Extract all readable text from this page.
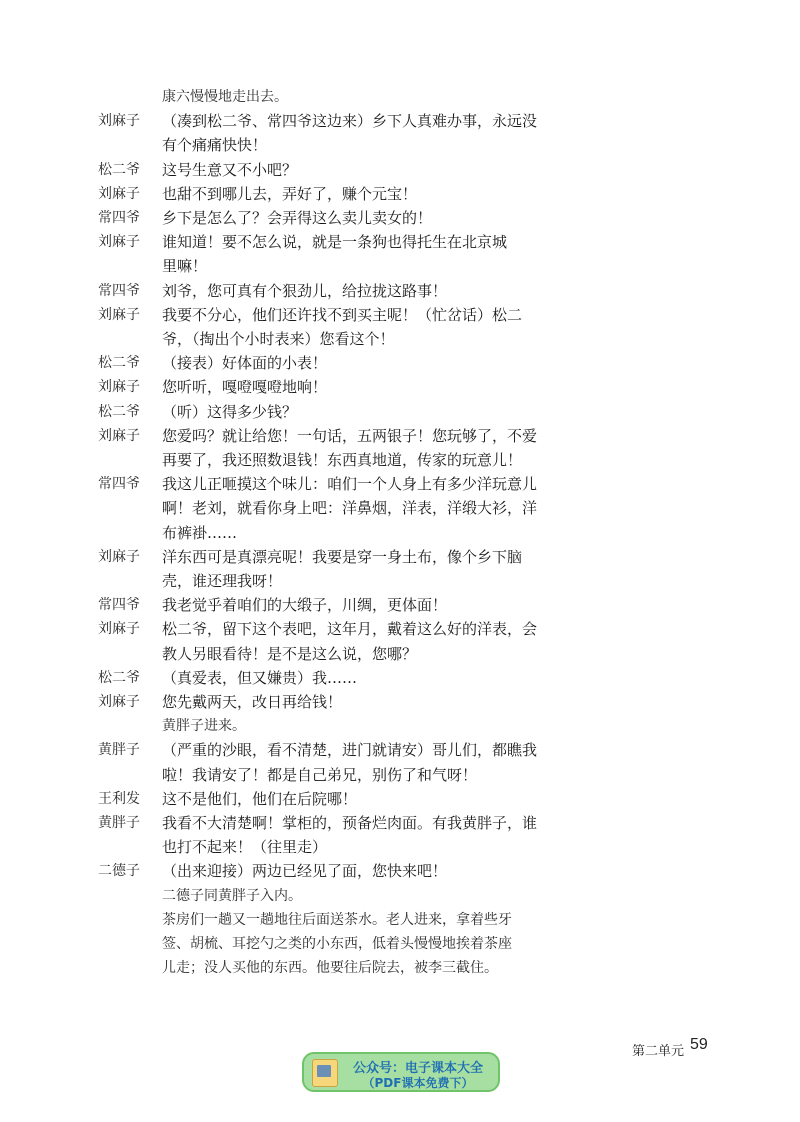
康六慢慢地走出去。
刘麻子	（凑到松二爷、常四爷这边来）乡下人真难办事，永远没
有个痛痛快快！
松二爷	这号生意又不小吧？
刘麻子	也甜不到哪儿去，弄好了，赚个元宝！
常四爷	乡下是怎么了？会弄得这么卖儿卖女的！
刘麻子	谁知道！要不怎么说，就是一条狗也得托生在北京城
里嘛！
常四爷	刘爷，您可真有个狠劲儿，给拉拢这路事！
刘麻子	我要不分心，他们还许找不到买主呢！（忙岔话）松二
爷，（掏出个小时表来）您看这个！
松二爷	（接表）好体面的小表！
刘麻子	您听听，嘎噔嘎噔地响！
松二爷	（听）这得多少钱？
刘麻子	您爱吗？就让给您！一句话，五两银子！您玩够了，不爱
再要了，我还照数退钱！东西真地道，传家的玩意儿！
常四爷	我这儿正咂摸这个味儿：咱们一个人身上有多少洋玩意儿
啊！老刘，就看你身上吧：洋鼻烟，洋表，洋缎大衫，洋
布裤褂……
刘麻子	洋东西可是真漂亮呢！我要是穿一身土布，像个乡下脑
壳，谁还理我呀！
常四爷	我老觉乎着咱们的大缎子，川绸，更体面！
刘麻子	松二爷，留下这个表吧，这年月，戴着这么好的洋表，会
教人另眼看待！是不是这么说，您哪？
松二爷	（真爱表，但又嫌贵）我……
刘麻子	您先戴两天，改日再给钱！
黄胖子进来。
黄胖子	（严重的沙眼，看不清楚，进门就请安）哥儿们，都瞧我
啦！我请安了！都是自己弟兄，别伤了和气呀！
王利发	这不是他们，他们在后院哪！
黄胖子	我看不大清楚啊！掌柜的，预备烂肉面。有我黄胖子，谁
也打不起来！（往里走）
二德子	（出来迎接）两边已经见了面，您快来吧！
二德子同黄胖子入内。
茶房们一趟又一趟地往后面送茶水。老人进来，拿着些牙
签、胡梳、耳挖勺之类的小东西，低着头慢慢地挨着茶座
儿走；没人买他的东西。他要往后院去，被李三截住。
第二单元 59
公众号：电子课本大全
（PDF课本免费下）
